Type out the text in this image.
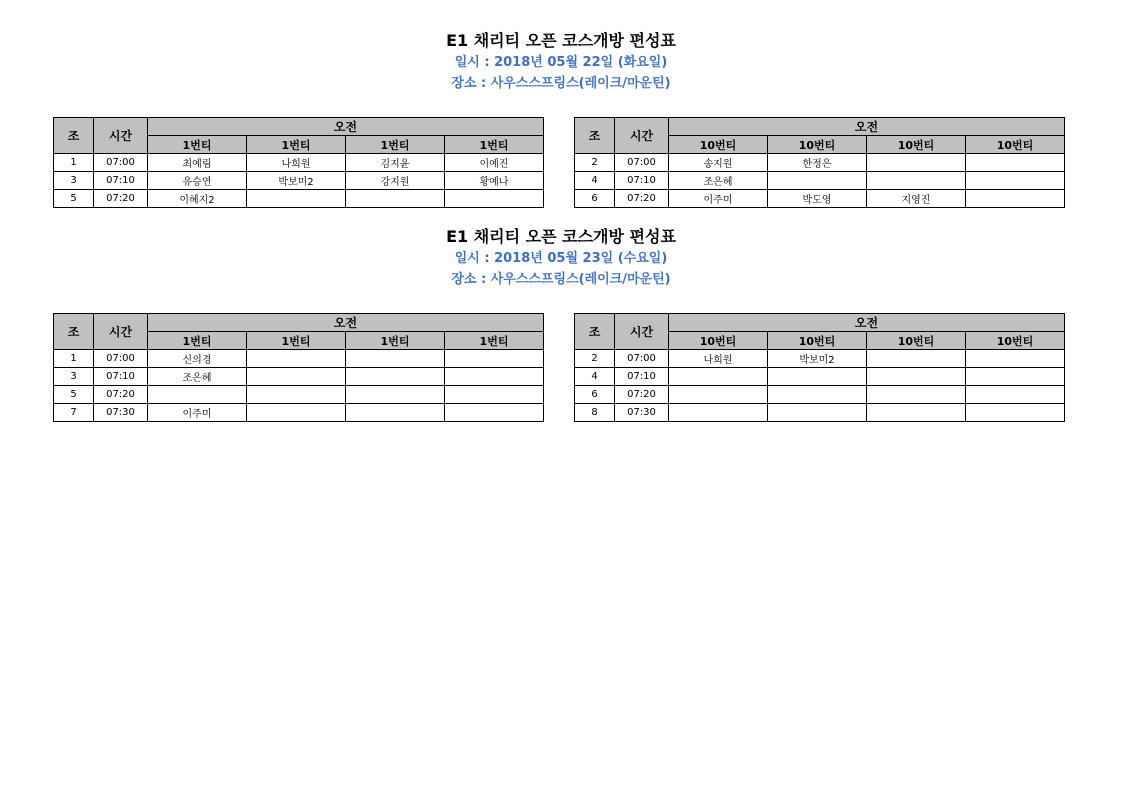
E1 채리티 오픈 코스개방 편성표
일시 : 2018년 05월 22일 (화요일)
장소 : 사우스스프링스(레이크/마운틴)
조	시간	오전			
		1번티	1번티	1번티	1번티
1	07:00	최예림	나희원	김지윤	이예진
3	07:10	유승연	박보미2	강지원	황예나
5	07:20	이혜지2			
조	시간	오전			
		10번티	10번티	10번티	10번티
2	07:00	송지원	한정은		
4	07:10	조은혜			
6	07:20	이주미	박도영	지영진	
E1 채리티 오픈 코스개방 편성표
일시 : 2018년 05월 23일 (수요일)
장소 : 사우스스프링스(레이크/마운틴)
조	시간	오전			
		1번티	1번티	1번티	1번티
1	07:00	신의경			
3	07:10	조은혜			
5	07:20				
7	07:30	이주미			
조	시간	오전			
		10번티	10번티	10번티	10번티
2	07:00	나희원	박보미2		
4	07:10				
6	07:20				
8	07:30				
